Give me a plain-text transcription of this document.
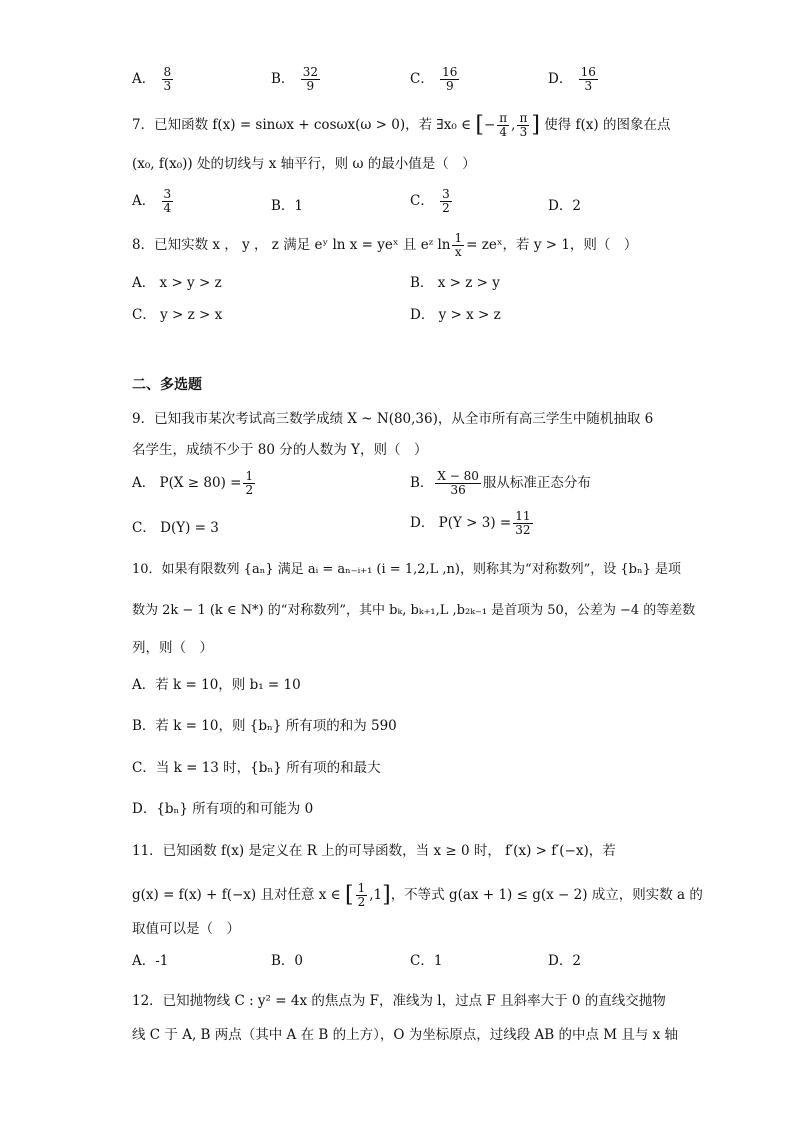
A． $\frac{8}{3}$	B． $\frac{32}{9}$	C． $\frac{16}{9}$	D． $\frac{16}{3}$
7．已知函数 f(x) = sinωx + cosωx(ω > 0)，若 ∃x₀ ∈ [− $\frac{\pi}{4}$ , $\frac{\pi}{3}$ ] 使得 f(x) 的图象在点
(x₀, f(x₀)) 处的切线与 x 轴平行，则 ω 的最小值是（　）
A． $\frac{3}{4}$	B．1	C． $\frac{3}{2}$	D．2
8．已知实数 x ， y ， z 满足 eʸ ln x = yeˣ 且 eᶻ $\ln \frac{1}{x}$ = zeˣ，若 y > 1，则（　）
A． x > y > z	B． x > z > y
C． y > z > x	D． y > x > z
二、多选题
9．已知我市某次考试高三数学成绩 X ~ N(80,36)，从全市所有高三学生中随机抽取 6
名学生，成绩不少于 80 分的人数为 Y，则（　）
A． $P(X \ge 80) = \frac{1}{2}$	B． $\frac{X - 80}{36}$ 服从标准正态分布
C． D(Y) = 3	D． $P(Y > 3) = \frac{11}{32}$
10．如果有限数列 {aₙ} 满足 aᵢ = aₙ₋ᵢ₊₁ (i = 1,2,L ,n)，则称其为“对称数列”，设 {bₙ} 是项
数为 2k − 1 (k ∈ N*) 的“对称数列”，其中 bₖ, bₖ₊₁,L ,b₂ₖ₋₁ 是首项为 50，公差为 −4 的等差数
列，则（　）
A．若 k = 10，则 b₁ = 10
B．若 k = 10，则 {bₙ} 所有项的和为 590
C．当 k = 13 时，{bₙ} 所有项的和最大
D．{bₙ} 所有项的和可能为 0
11．已知函数 f(x) 是定义在 R 上的可导函数，当 x ≥ 0 时， f′(x) > f′(−x)，若
g(x) = f(x) + f(−x) 且对任意 x ∈ [ $\frac{1}{2} ,1$]，不等式 g(ax + 1) ≤ g(x − 2) 成立，则实数 a 的
取值可以是（　）
A．-1	B．0	C．1	D．2
12．已知抛物线 C : y² = 4x 的焦点为 F，准线为 l，过点 F 且斜率大于 0 的直线交抛物
线 C 于 A, B 两点（其中 A 在 B 的上方），O 为坐标原点，过线段 AB 的中点 M 且与 x 轴
